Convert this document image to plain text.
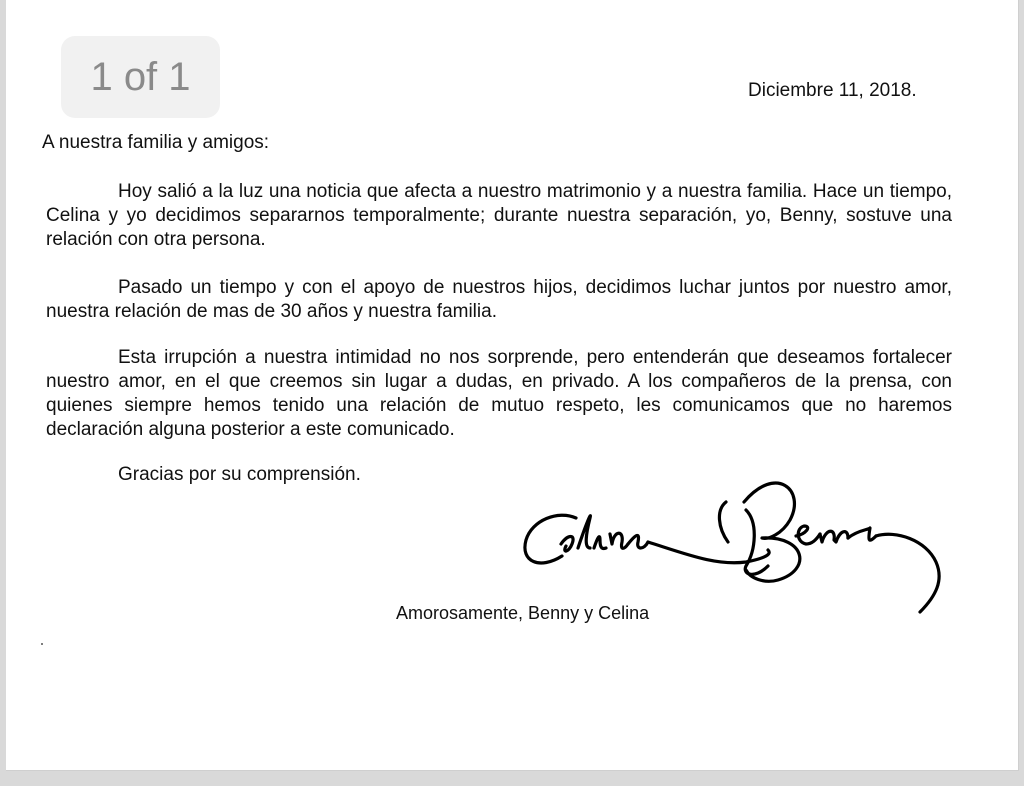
1 of 1	Diciembre 11, 2018.
A nuestra familia y amigos:

Hoy salió a la luz una noticia que afecta a nuestro matrimonio y a nuestra familia. Hace un tiempo, Celina y yo decidimos separarnos temporalmente; durante nuestra separación, yo, Benny, sostuve una relación con otra persona.

Pasado un tiempo y con el apoyo de nuestros hijos, decidimos luchar juntos por nuestro amor, nuestra relación de mas de 30 años y nuestra familia.

Esta irrupción a nuestra intimidad no nos sorprende, pero entenderán que deseamos fortalecer nuestro amor, en el que creemos sin lugar a dudas, en privado. A los compañeros de la prensa, con quienes siempre hemos tenido una relación de mutuo respeto, les comunicamos que no haremos declaración alguna posterior a este comunicado.

Gracias por su comprensión.
Amorosamente, Benny y Celina
